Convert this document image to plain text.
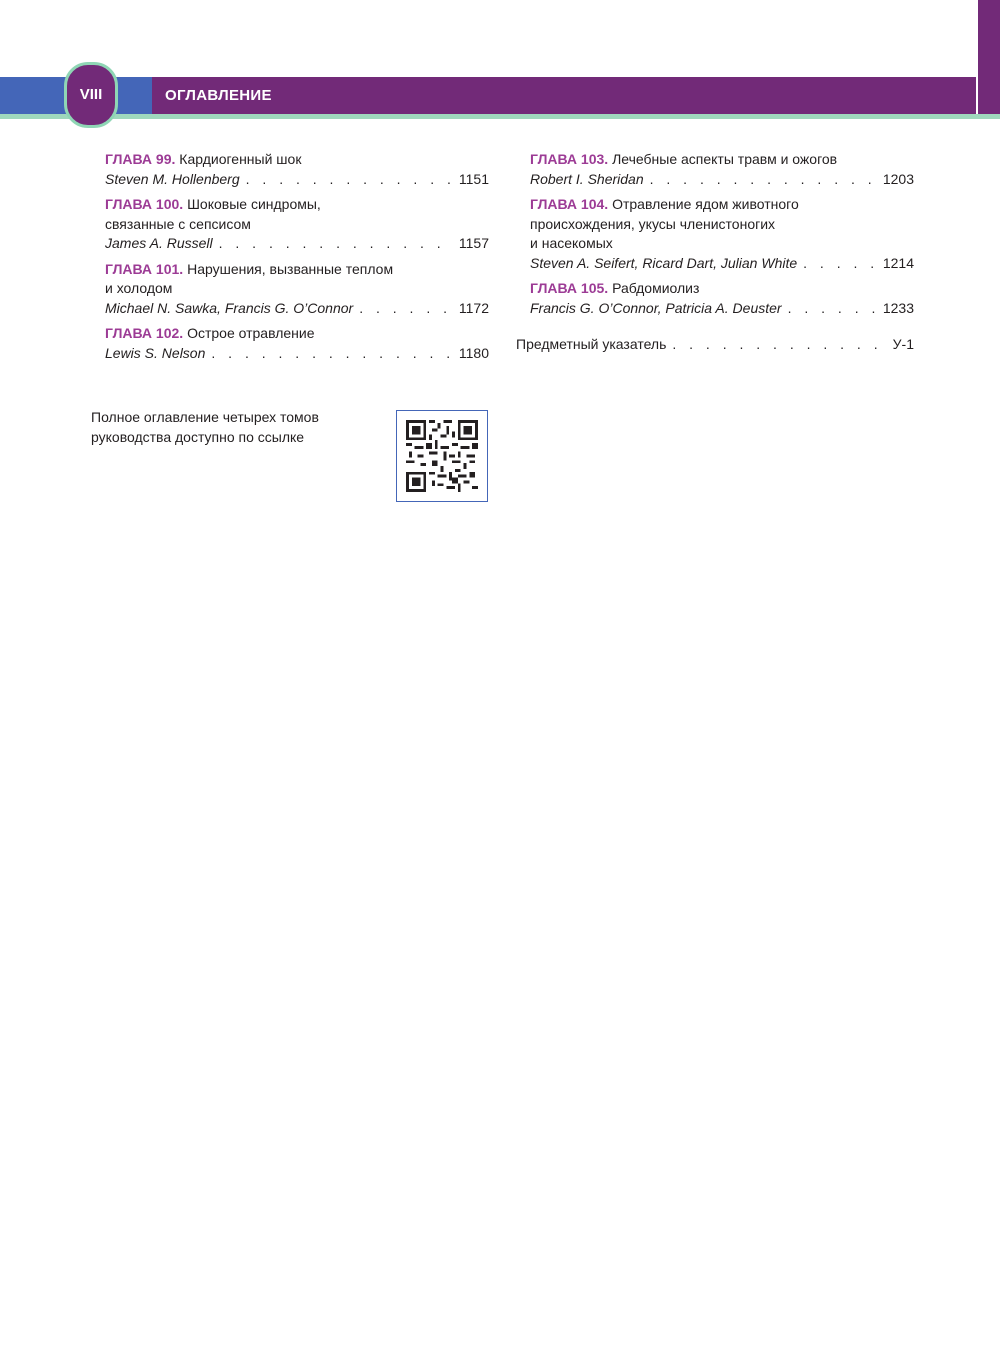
VIII	ОГЛАВЛЕНИЕ
ГЛАВА 99. Кардиогенный шок
Steven M. Hollenberg . . .	1151
ГЛАВА 100. Шоковые синдромы,
связанные с сепсисом
James A. Russell . . .	1157
ГЛАВА 101. Нарушения, вызванные теплом
и холодом
Michael N. Sawka, Francis G. O’Connor . . .	1172
ГЛАВА 102. Острое отравление
Lewis S. Nelson . . .	1180
ГЛАВА 103. Лечебные аспекты травм и ожогов
Robert I. Sheridan . . .	1203
ГЛАВА 104. Отравление ядом животного
происхождения, укусы членистоногих
и насекомых
Steven A. Seifert, Ricard Dart, Julian White . . .	1214
ГЛАВА 105. Рабдомиолиз
Francis G. O’Connor, Patricia A. Deuster . . .	1233
Предметный указатель . . .	У-1
Полное оглавление четырех томов
руководства доступно по ссылке
